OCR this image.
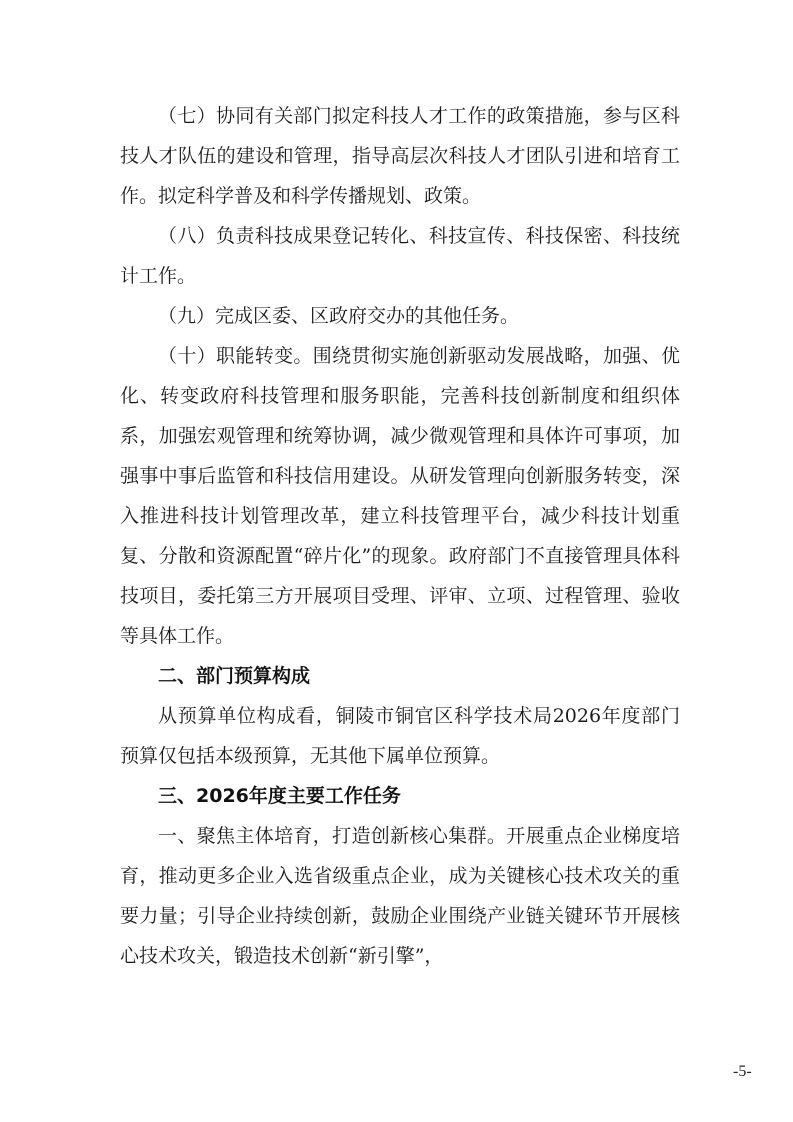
（七）协同有关部门拟定科技人才工作的政策措施，参与区科技人才队伍的建设和管理，指导高层次科技人才团队引进和培育工作。拟定科学普及和科学传播规划、政策。

（八）负责科技成果登记转化、科技宣传、科技保密、科技统计工作。

（九）完成区委、区政府交办的其他任务。

（十）职能转变。围绕贯彻实施创新驱动发展战略，加强、优化、转变政府科技管理和服务职能，完善科技创新制度和组织体系，加强宏观管理和统筹协调，减少微观管理和具体许可事项，加强事中事后监管和科技信用建设。从研发管理向创新服务转变，深入推进科技计划管理改革，建立科技管理平台，减少科技计划重复、分散和资源配置“碎片化”的现象。政府部门不直接管理具体科技项目，委托第三方开展项目受理、评审、立项、过程管理、验收等具体工作。

二、部门预算构成

从预算单位构成看，铜陵市铜官区科学技术局2026年度部门预算仅包括本级预算，无其他下属单位预算。

三、2026年度主要工作任务

一、聚焦主体培育，打造创新核心集群。开展重点企业梯度培育，推动更多企业入选省级重点企业，成为关键核心技术攻关的重要力量；引导企业持续创新，鼓励企业围绕产业链关键环节开展核心技术攻关，锻造技术创新“新引擎”，

-5-
